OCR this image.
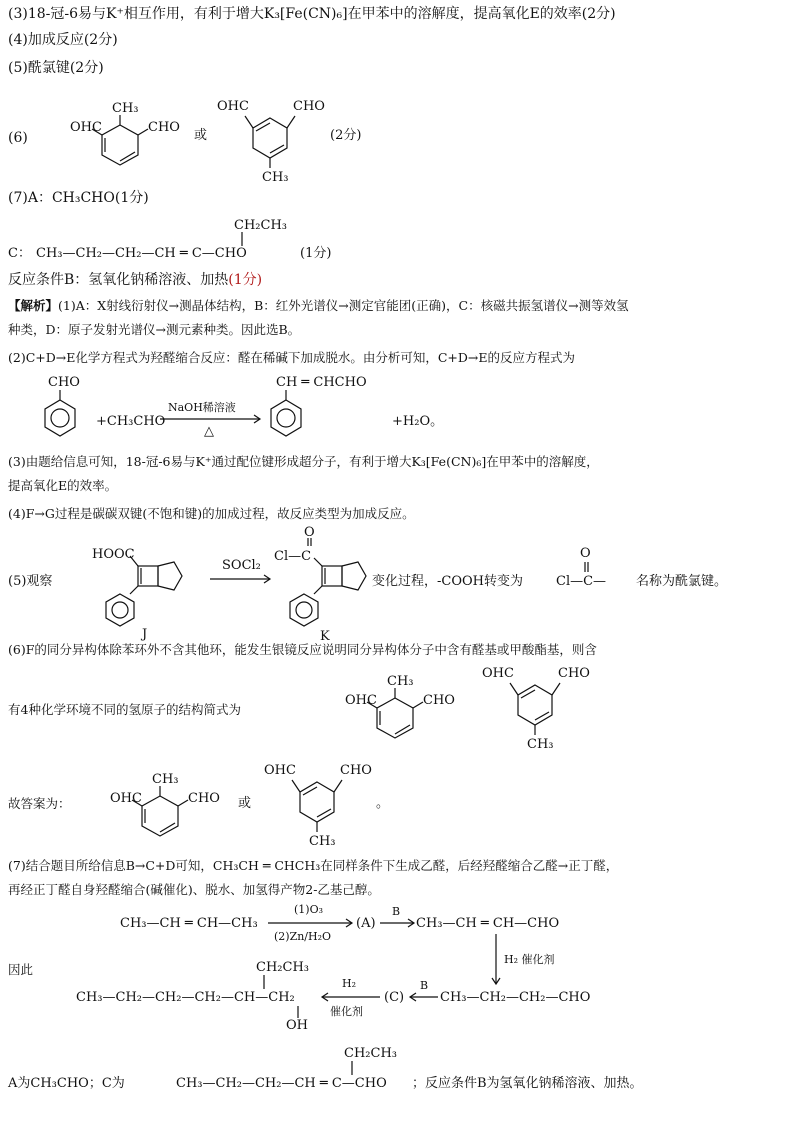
(3)18-冠-6易与K⁺相互作用，有利于增大K₃[Fe(CN)₆]在甲苯中的溶解度，提高氧化E的效率(2分)
(4)加成反应(2分)
(5)酰氯键(2分)
(6)
OHC
CH₃
CHO
或
OHC	CHO
CH₃
(2分)
(7)A：CH₃CHO(1分)
CH₂CH₃
C： CH₃—CH₂—CH₂—CH ═ C—CHO	(1分)
反应条件B：氢氧化钠稀溶液、加热(1分)
【解析】(1)A：X射线衍射仪→测晶体结构，B：红外光谱仪→测定官能团(正确)，C：核磁共振氢谱仪→测等效氢
种类，D：原子发射光谱仪→测元素种类。因此选B。
(2)C+D→E化学方程式为羟醛缩合反应：醛在稀碱下加成脱水。由分析可知，C+D→E的反应方程式为
CHO
+CH₃CHO
NaOH稀溶液
△
CH ═ CHCHO
+H₂O。
(3)由题给信息可知，18-冠-6易与K⁺通过配位键形成超分子，有利于增大K₃[Fe(CN)₆]在甲苯中的溶解度，
提高氧化E的效率。
(4)F→G过程是碳碳双键(不饱和键)的加成过程，故反应类型为加成反应。
(5)观察
HOOC
J
SOCl₂
O
Cl—C
K
变化过程，-COOH转变为
O
Cl—C— 名称为酰氯键。
(6)F的同分异构体除苯环外不含其他环，能发生银镜反应说明同分异构体分子中含有醛基或甲酸酯基，则含
有4种化学环境不同的氢原子的结构简式为
OHC
CH₃
CHO
OHC	CHO
CH₃
故答案为：	OHC
CH₃
CHO 或
OHC	CHO
CH₃
。
(7)结合题目所给信息B→C+D可知，CH₃CH ═ CHCH₃在同样条件下生成乙醛，后经羟醛缩合乙醛→正丁醛，
再经正丁醛自身羟醛缩合(碱催化)、脱水、加氢得产物2-乙基己醇。
CH₃—CH ═ CH—CH₃
(1)O₃
(2)Zn/H₂O
(A)
B
CH₃—CH ═ CH—CHO
H₂ 催化剂
因此	CH₂CH₃
CH₃—CH₂—CH₂—CH₂—CH—CH₂
OH
H₂
催化剂
(C)
B
CH₃—CH₂—CH₂—CHO
CH₂CH₃
A为CH₃CHO；C为	CH₃—CH₂—CH₂—CH ═ C—CHO ；反应条件B为氢氧化钠稀溶液、加热。
